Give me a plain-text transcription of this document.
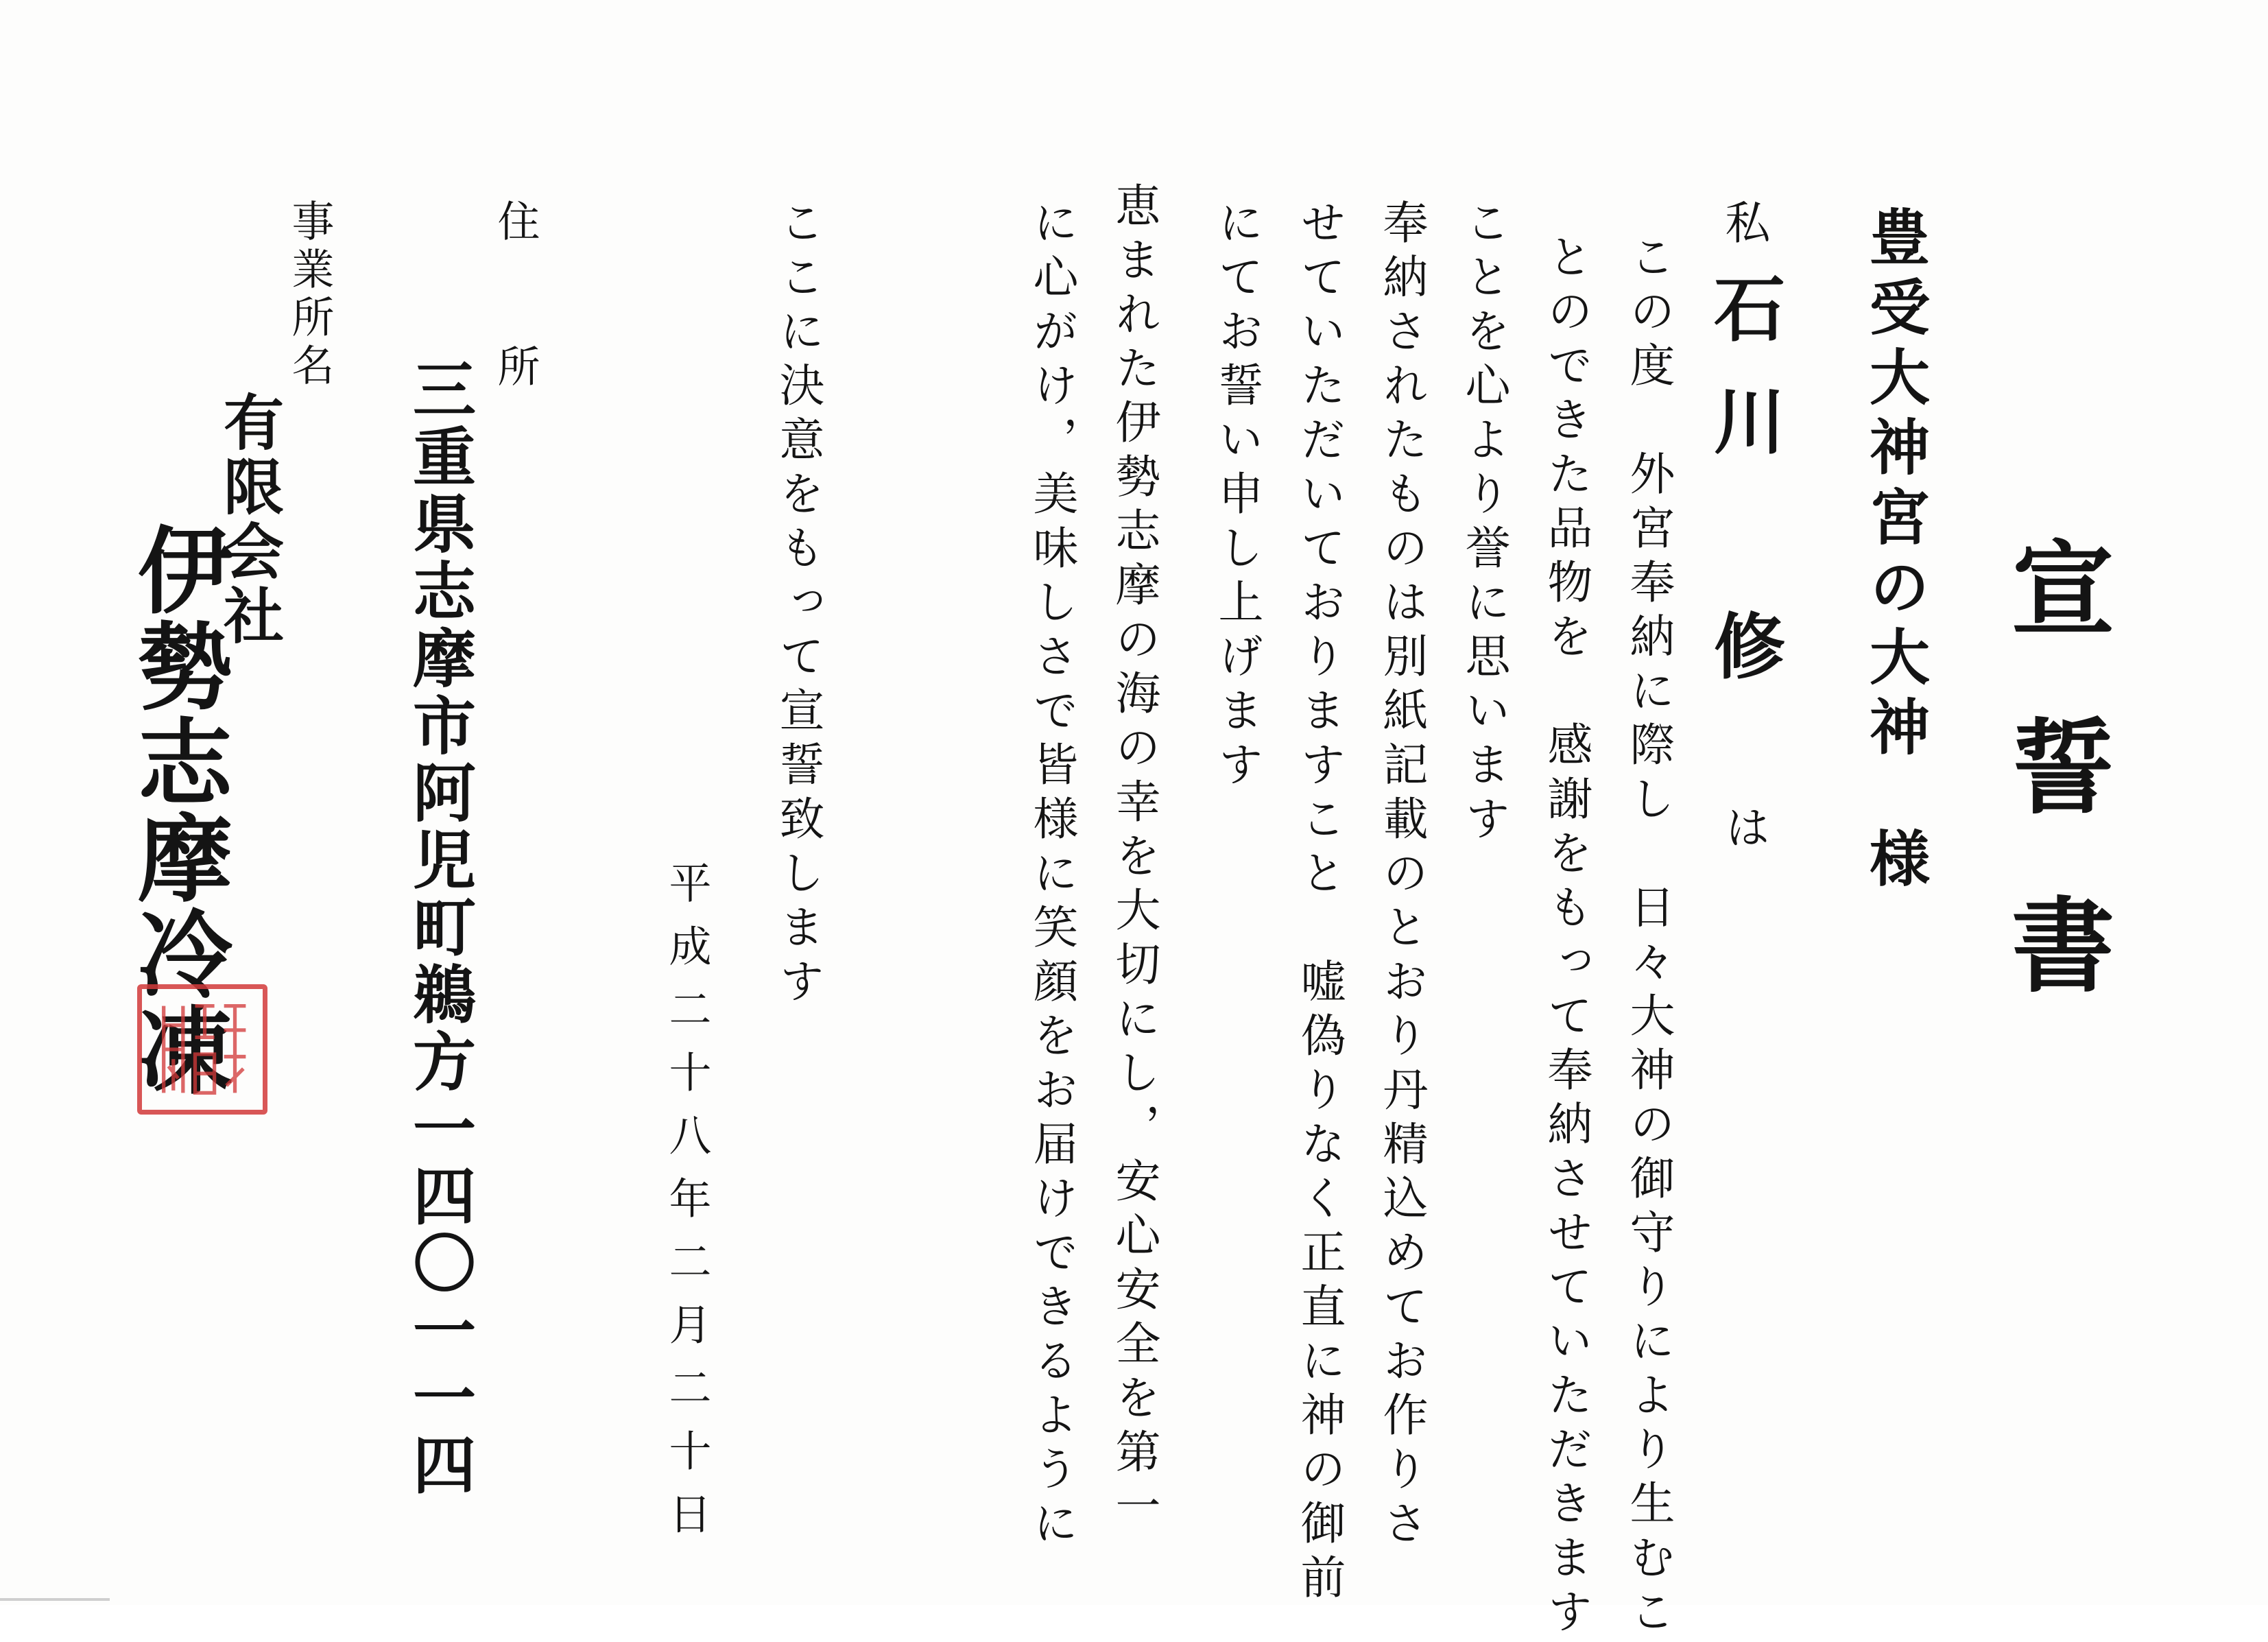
宣誓書
豊受大神宮の大神様
私石川　修は
この度　外宮奉納に際し　日々大神の御守りにより生むこ
とのできた品物を　感謝をもって奉納させていただきます
ことを心より誉に思います
奉納されたものは別紙記載のとおり丹精込めてお作りさ
せていただいておりますこと　嘘偽りなく正直に神の御前
にてお誓い申し上げます
恵まれた伊勢志摩の海の幸を大切にし，安心安全を第一
に心がけ，美味しさで皆様に笑顔をお届けできるように
ここに決意をもって宣誓致します
平成二十八年二月二十日
住所
三重県志摩市阿児町鵜方一四〇一一四
事業所名
有限会社
伊勢志摩冷凍
